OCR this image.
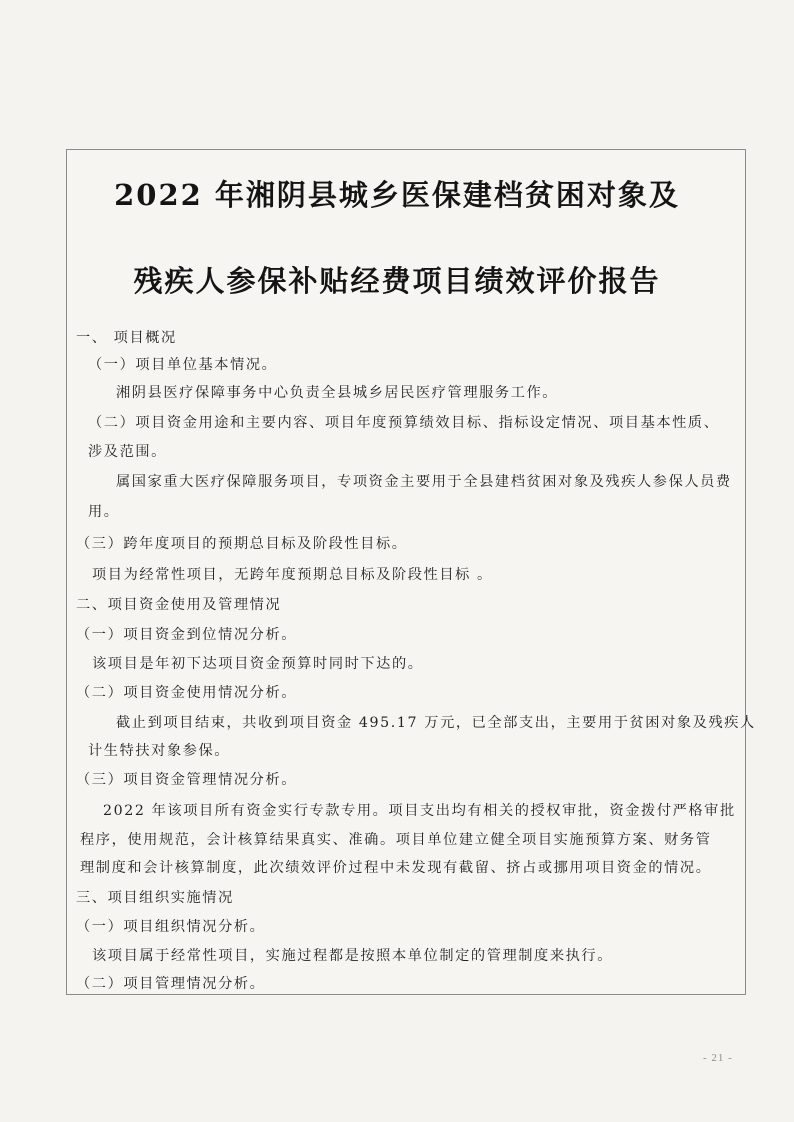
2022 年湘阴县城乡医保建档贫困对象及
残疾人参保补贴经费项目绩效评价报告
一、 项目概况
（一）项目单位基本情况。
湘阴县医疗保障事务中心负责全县城乡居民医疗管理服务工作。
（二）项目资金用途和主要内容、项目年度预算绩效目标、指标设定情况、项目基本性质、
涉及范围。
属国家重大医疗保障服务项目，专项资金主要用于全县建档贫困对象及残疾人参保人员费
用。
（三）跨年度项目的预期总目标及阶段性目标。
项目为经常性项目，无跨年度预期总目标及阶段性目标 。
二、项目资金使用及管理情况
（一）项目资金到位情况分析。
该项目是年初下达项目资金预算时同时下达的。
（二）项目资金使用情况分析。
截止到项目结束，共收到项目资金 495.17 万元，已全部支出，主要用于贫困对象及残疾人
计生特扶对象参保。
（三）项目资金管理情况分析。
2022 年该项目所有资金实行专款专用。项目支出均有相关的授权审批，资金拨付严格审批
程序，使用规范，会计核算结果真实、准确。项目单位建立健全项目实施预算方案、财务管
理制度和会计核算制度，此次绩效评价过程中未发现有截留、挤占或挪用项目资金的情况。
三、项目组织实施情况
（一）项目组织情况分析。
该项目属于经常性项目，实施过程都是按照本单位制定的管理制度来执行。
（二）项目管理情况分析。
- 21 -
